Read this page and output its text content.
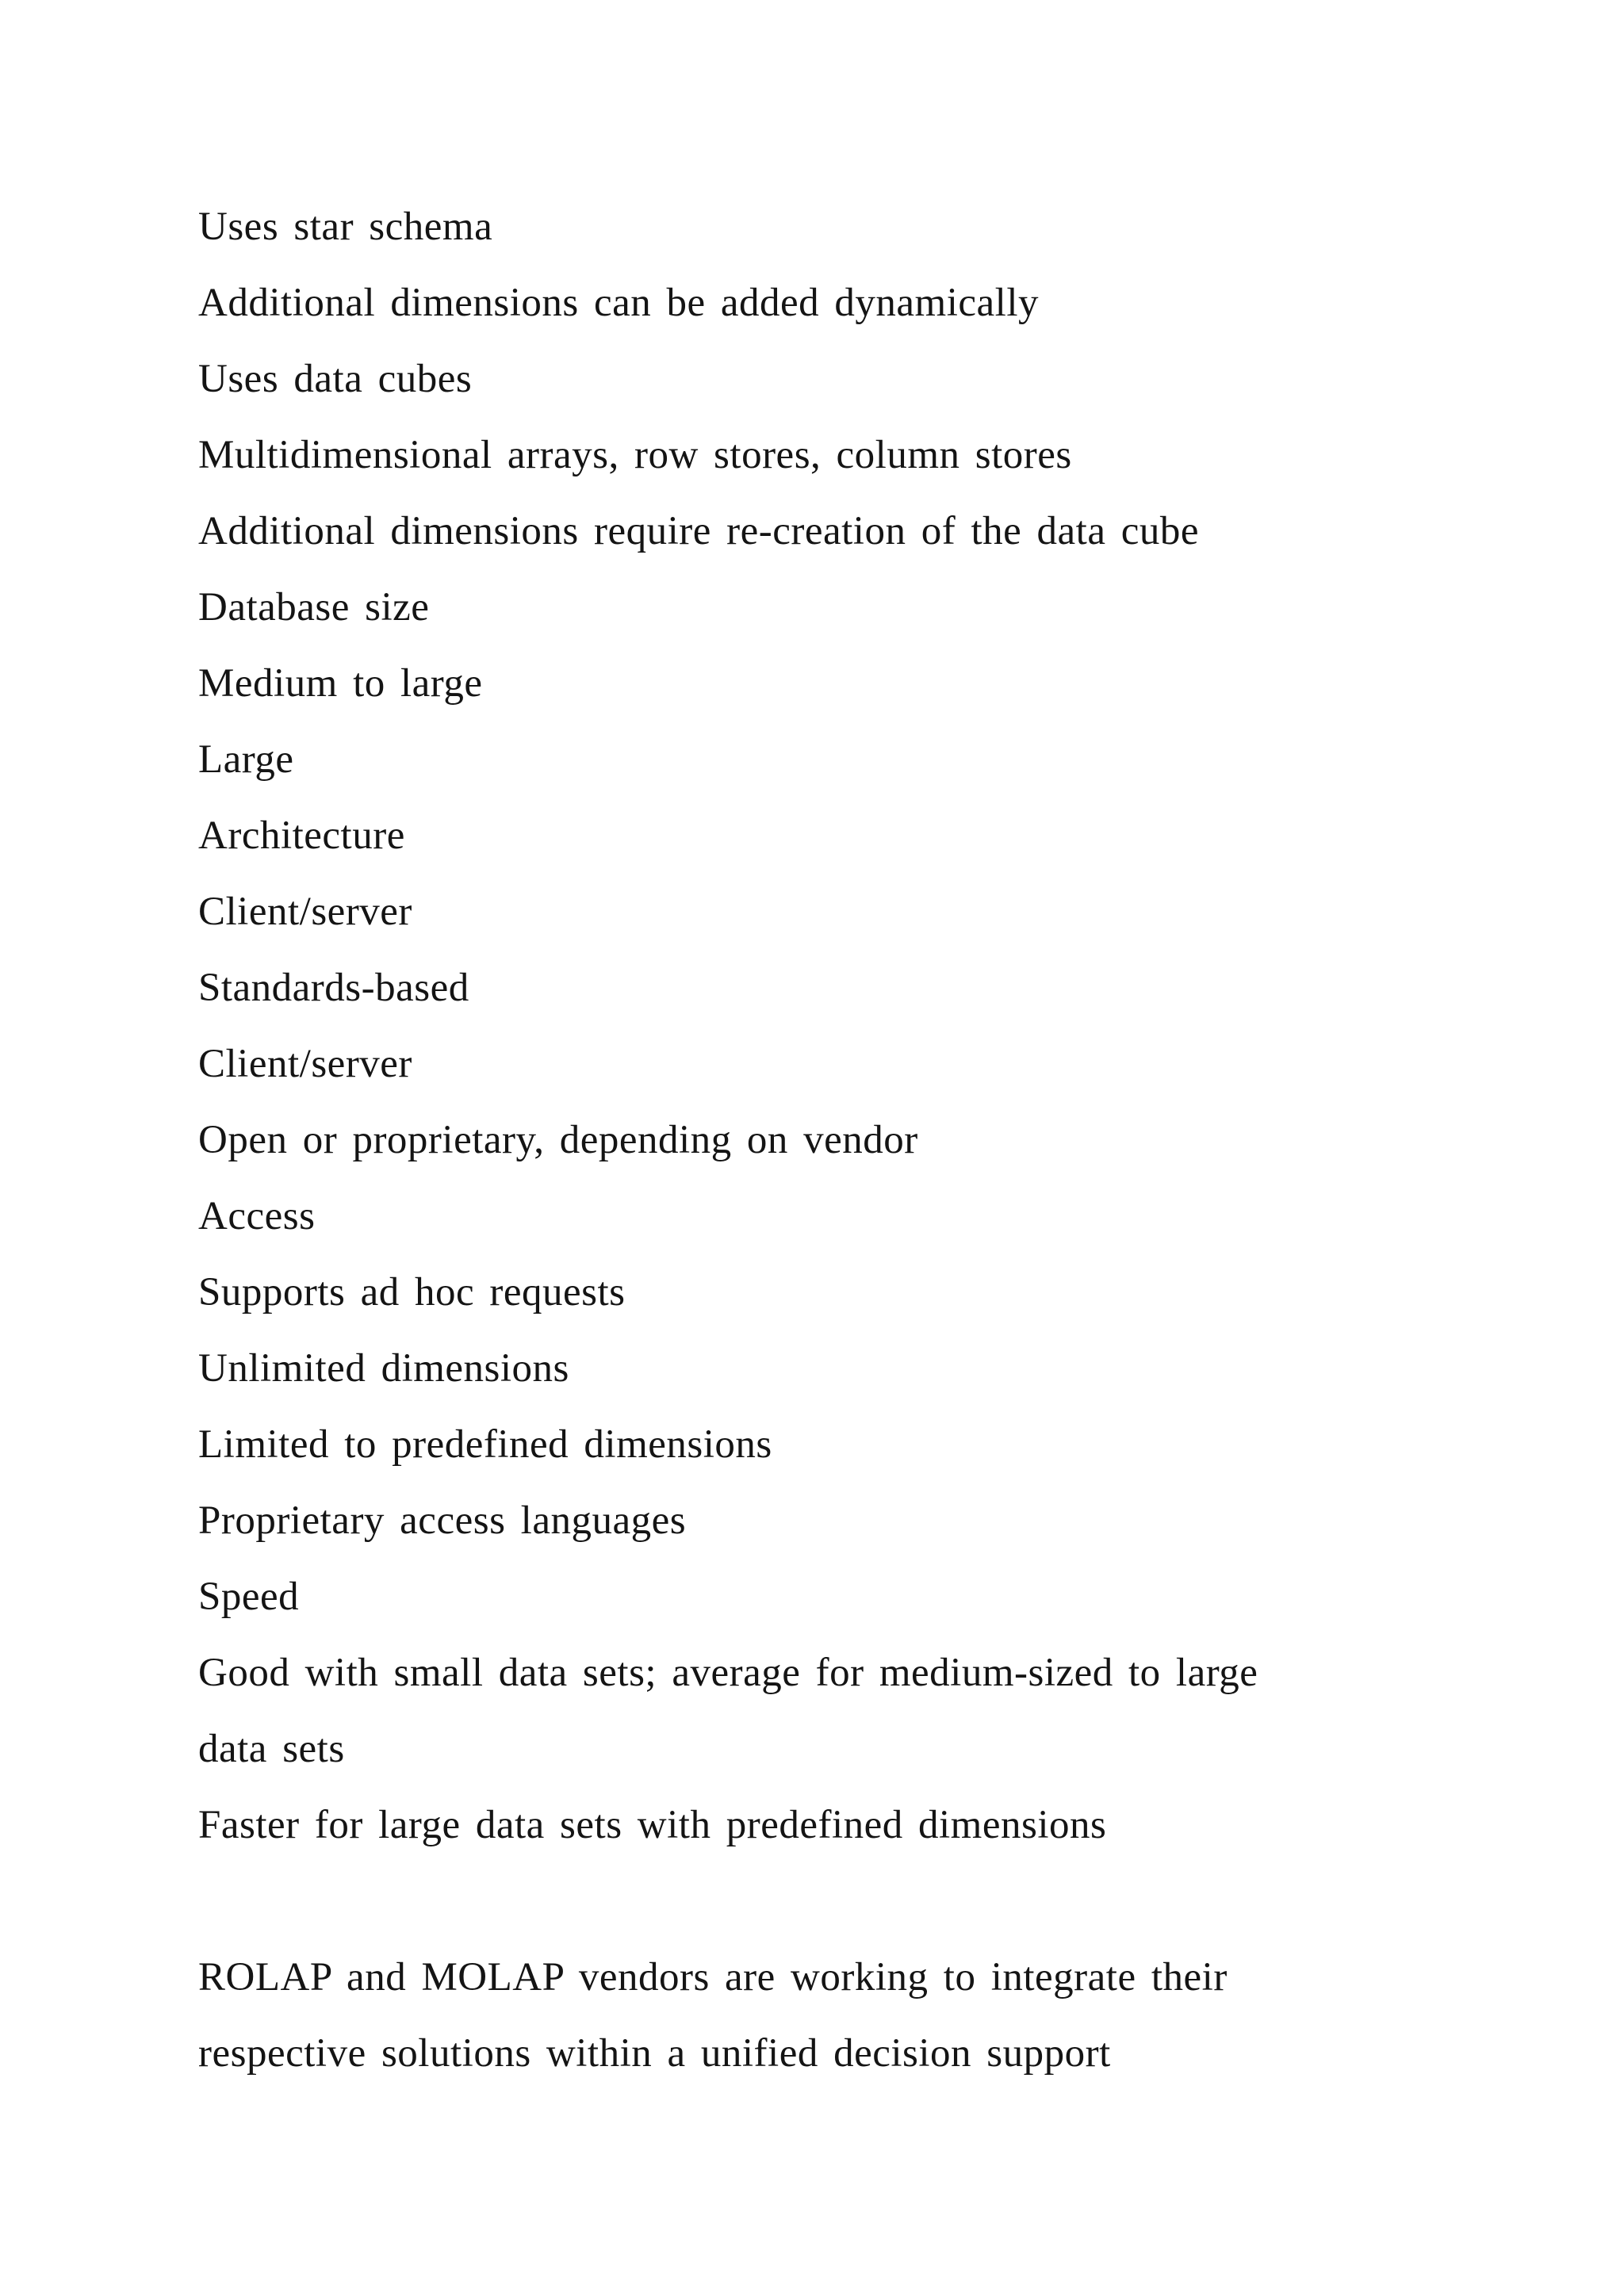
Uses star schema
Additional dimensions can be added dynamically
Uses data cubes
Multidimensional arrays, row stores, column stores
Additional dimensions require re-creation of the data cube
Database size
Medium to large
Large
Architecture
Client/server
Standards-based
Client/server
Open or proprietary, depending on vendor
Access
Supports ad hoc requests
Unlimited dimensions
Limited to predefined dimensions
Proprietary access languages
Speed
Good with small data sets; average for medium-sized to large
data sets
Faster for large data sets with predefined dimensions
ROLAP and MOLAP vendors are working to integrate their
respective solutions within a unified decision support
